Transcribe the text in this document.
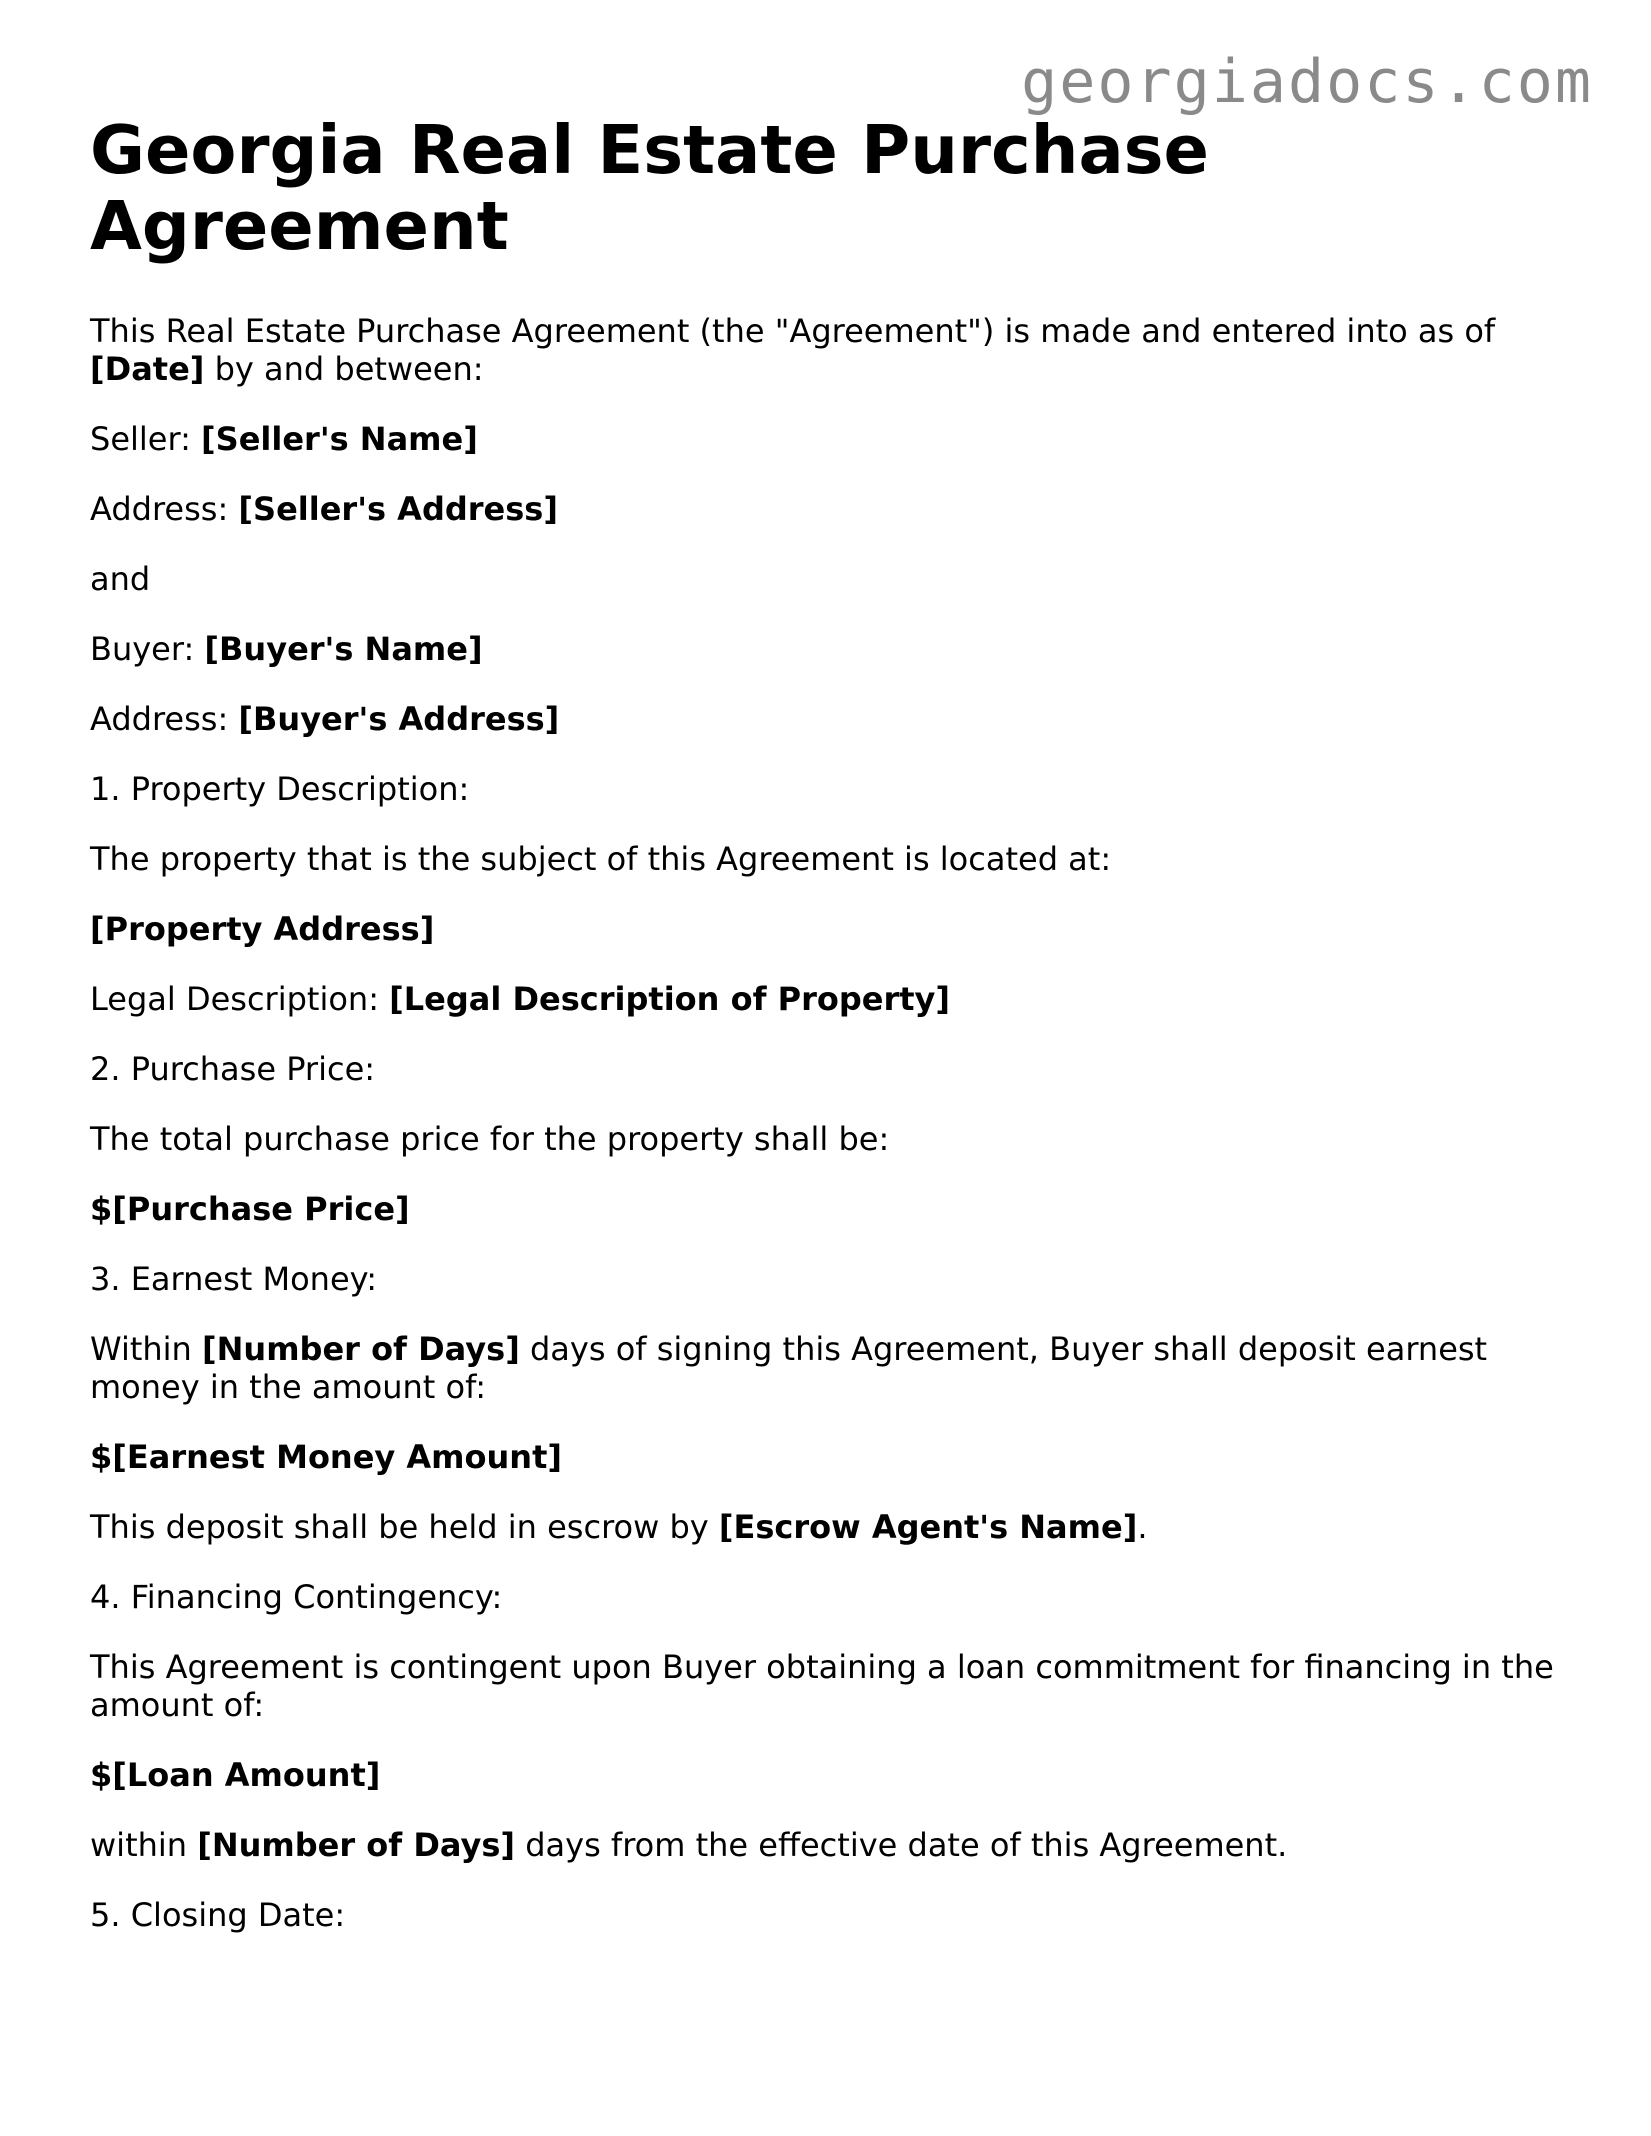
georgiadocs.com
Georgia Real Estate Purchase Agreement

This Real Estate Purchase Agreement (the "Agreement") is made and entered into as of
[Date] by and between:

Seller: [Seller's Name]

Address: [Seller's Address]

and

Buyer: [Buyer's Name]

Address: [Buyer's Address]

1. Property Description:

The property that is the subject of this Agreement is located at:

[Property Address]

Legal Description: [Legal Description of Property]

2. Purchase Price:

The total purchase price for the property shall be:

$[Purchase Price]

3. Earnest Money:

Within [Number of Days] days of signing this Agreement, Buyer shall deposit earnest money in the amount of:

$[Earnest Money Amount]

This deposit shall be held in escrow by [Escrow Agent's Name].

4. Financing Contingency:

This Agreement is contingent upon Buyer obtaining a loan commitment for financing in the amount of:

$[Loan Amount]

within [Number of Days] days from the effective date of this Agreement.

5. Closing Date:
